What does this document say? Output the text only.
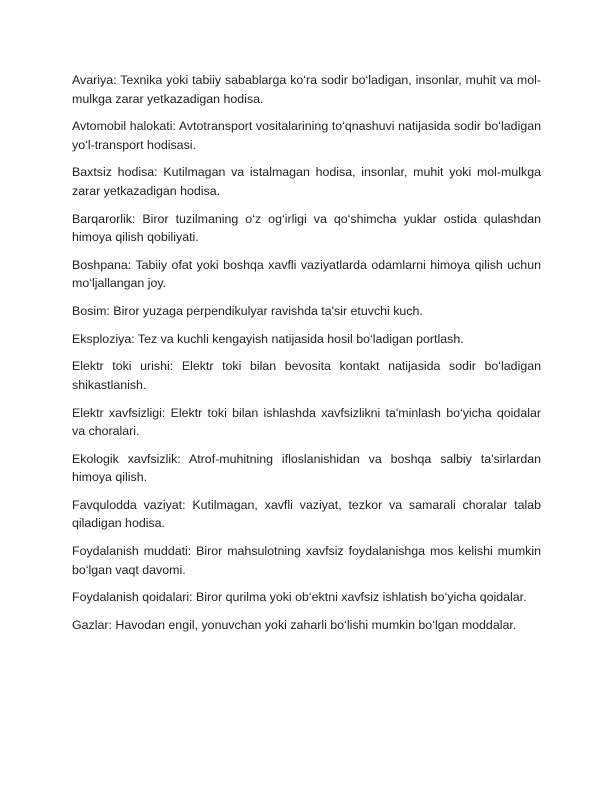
Avariya: Texnika yoki tabiiy sabablarga ko‘ra sodir bo‘ladigan, insonlar, muhit va mol-mulkga zarar yetkazadigan hodisa.

Avtomobil halokati: Avtotransport vositalarining to‘qnashuvi natijasida sodir bo‘ladigan yo‘l-transport hodisasi.

Baxtsiz hodisa: Kutilmagan va istalmagan hodisa, insonlar, muhit yoki mol-mulkga zarar yetkazadigan hodisa.

Barqarorlik: Biror tuzilmaning o‘z og‘irligi va qo‘shimcha yuklar ostida qulashdan himoya qilish qobiliyati.

Boshpana: Tabiiy ofat yoki boshqa xavfli vaziyatlarda odamlarni himoya qilish uchun mo‘ljallangan joy.

Bosim: Biror yuzaga perpendikulyar ravishda ta'sir etuvchi kuch.

Eksploziya: Tez va kuchli kengayish natijasida hosil bo‘ladigan portlash.

Elektr toki urishi: Elektr toki bilan bevosita kontakt natijasida sodir bo‘ladigan shikastlanish.

Elektr xavfsizligi: Elektr toki bilan ishlashda xavfsizlikni ta'minlash bo‘yicha qoidalar va choralari.

Ekologik xavfsizlik: Atrof-muhitning ifloslanishidan va boshqa salbiy ta'sirlardan himoya qilish.

Favqulodda vaziyat: Kutilmagan, xavfli vaziyat, tezkor va samarali choralar talab qiladigan hodisa.

Foydalanish muddati: Biror mahsulotning xavfsiz foydalanishga mos kelishi mumkin bo‘lgan vaqt davomi.

Foydalanish qoidalari: Biror qurilma yoki ob‘ektni xavfsiz ishlatish bo‘yicha qoidalar.

Gazlar: Havodan engil, yonuvchan yoki zaharli bo‘lishi mumkin bo‘lgan moddalar.
